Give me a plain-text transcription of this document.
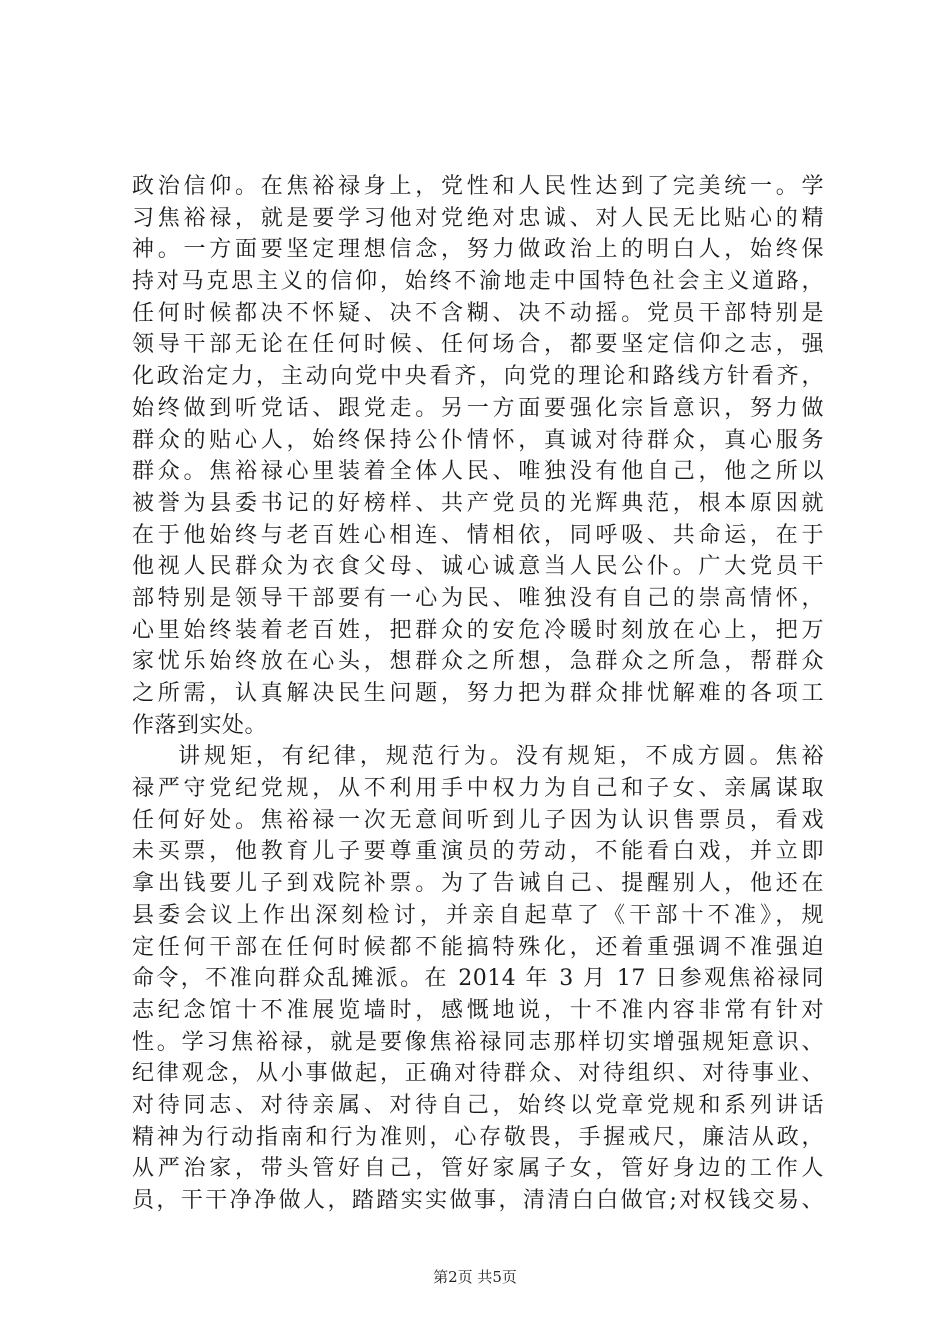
政治信仰。在焦裕禄身上，党性和人民性达到了完美统一。学
习焦裕禄，就是要学习他对党绝对忠诚、对人民无比贴心的精
神。一方面要坚定理想信念，努力做政治上的明白人，始终保
持对马克思主义的信仰，始终不渝地走中国特色社会主义道路，
任何时候都决不怀疑、决不含糊、决不动摇。党员干部特别是
领导干部无论在任何时候、任何场合，都要坚定信仰之志，强
化政治定力，主动向党中央看齐，向党的理论和路线方针看齐，
始终做到听党话、跟党走。另一方面要强化宗旨意识，努力做
群众的贴心人，始终保持公仆情怀，真诚对待群众，真心服务
群众。焦裕禄心里装着全体人民、唯独没有他自己，他之所以
被誉为县委书记的好榜样、共产党员的光辉典范，根本原因就
在于他始终与老百姓心相连、情相依，同呼吸、共命运，在于
他视人民群众为衣食父母、诚心诚意当人民公仆。广大党员干
部特别是领导干部要有一心为民、唯独没有自己的崇高情怀，
心里始终装着老百姓，把群众的安危冷暖时刻放在心上，把万
家忧乐始终放在心头，想群众之所想，急群众之所急，帮群众
之所需，认真解决民生问题，努力把为群众排忧解难的各项工
作落到实处。
讲规矩，有纪律，规范行为。没有规矩，不成方圆。焦裕
禄严守党纪党规，从不利用手中权力为自己和子女、亲属谋取
任何好处。焦裕禄一次无意间听到儿子因为认识售票员，看戏
未买票，他教育儿子要尊重演员的劳动，不能看白戏，并立即
拿出钱要儿子到戏院补票。为了告诫自己、提醒别人，他还在
县委会议上作出深刻检讨，并亲自起草了《干部十不准》，规
定任何干部在任何时候都不能搞特殊化，还着重强调不准强迫
命令，不准向群众乱摊派。在 2014 年 3 月 17 日参观焦裕禄同
志纪念馆十不准展览墙时，感慨地说，十不准内容非常有针对
性。学习焦裕禄，就是要像焦裕禄同志那样切实增强规矩意识、
纪律观念，从小事做起，正确对待群众、对待组织、对待事业、
对待同志、对待亲属、对待自己，始终以党章党规和系列讲话
精神为行动指南和行为准则，心存敬畏，手握戒尺，廉洁从政，
从严治家，带头管好自己，管好家属子女，管好身边的工作人
员，干干净净做人，踏踏实实做事，清清白白做官;对权钱交易、
第2页 共5页
